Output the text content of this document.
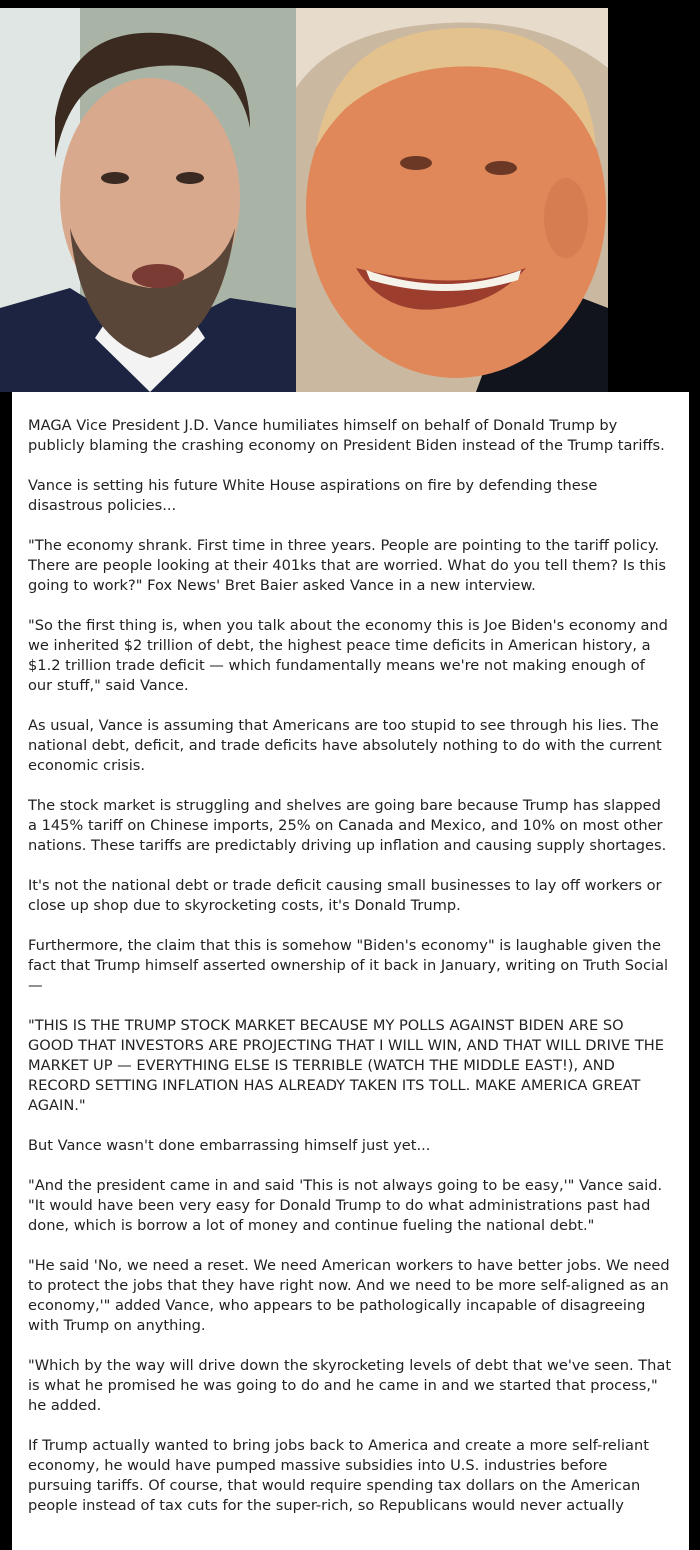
MAGA Vice President J.D. Vance humiliates himself on behalf of Donald Trump by publicly blaming the crashing economy on President Biden instead of the Trump tariffs.

Vance is setting his future White House aspirations on fire by defending these disastrous policies...

"The economy shrank. First time in three years. People are pointing to the tariff policy. There are people looking at their 401ks that are worried. What do you tell them? Is this going to work?" Fox News' Bret Baier asked Vance in a new interview.

"So the first thing is, when you talk about the economy this is Joe Biden's economy and we inherited $2 trillion of debt, the highest peace time deficits in American history, a $1.2 trillion trade deficit — which fundamentally means we're not making enough of our stuff," said Vance.

As usual, Vance is assuming that Americans are too stupid to see through his lies. The national debt, deficit, and trade deficits have absolutely nothing to do with the current economic crisis.

The stock market is struggling and shelves are going bare because Trump has slapped a 145% tariff on Chinese imports, 25% on Canada and Mexico, and 10% on most other nations. These tariffs are predictably driving up inflation and causing supply shortages.

It's not the national debt or trade deficit causing small businesses to lay off workers or close up shop due to skyrocketing costs, it's Donald Trump.

Furthermore, the claim that this is somehow "Biden's economy" is laughable given the fact that Trump himself asserted ownership of it back in January, writing on Truth Social—

"THIS IS THE TRUMP STOCK MARKET BECAUSE MY POLLS AGAINST BIDEN ARE SO GOOD THAT INVESTORS ARE PROJECTING THAT I WILL WIN, AND THAT WILL DRIVE THE MARKET UP — EVERYTHING ELSE IS TERRIBLE (WATCH THE MIDDLE EAST!), AND RECORD SETTING INFLATION HAS ALREADY TAKEN ITS TOLL. MAKE AMERICA GREAT AGAIN."

But Vance wasn't done embarrassing himself just yet...

"And the president came in and said 'This is not always going to be easy,'" Vance said. "It would have been very easy for Donald Trump to do what administrations past had done, which is borrow a lot of money and continue fueling the national debt."

"He said 'No, we need a reset. We need American workers to have better jobs. We need to protect the jobs that they have right now. And we need to be more self-aligned as an economy,'" added Vance, who appears to be pathologically incapable of disagreeing with Trump on anything.

"Which by the way will drive down the skyrocketing levels of debt that we've seen. That is what he promised he was going to do and he came in and we started that process," he added.

If Trump actually wanted to bring jobs back to America and create a more self-reliant economy, he would have pumped massive subsidies into U.S. industries before pursuing tariffs. Of course, that would require spending tax dollars on the American people instead of tax cuts for the super-rich, so Republicans would never actually
